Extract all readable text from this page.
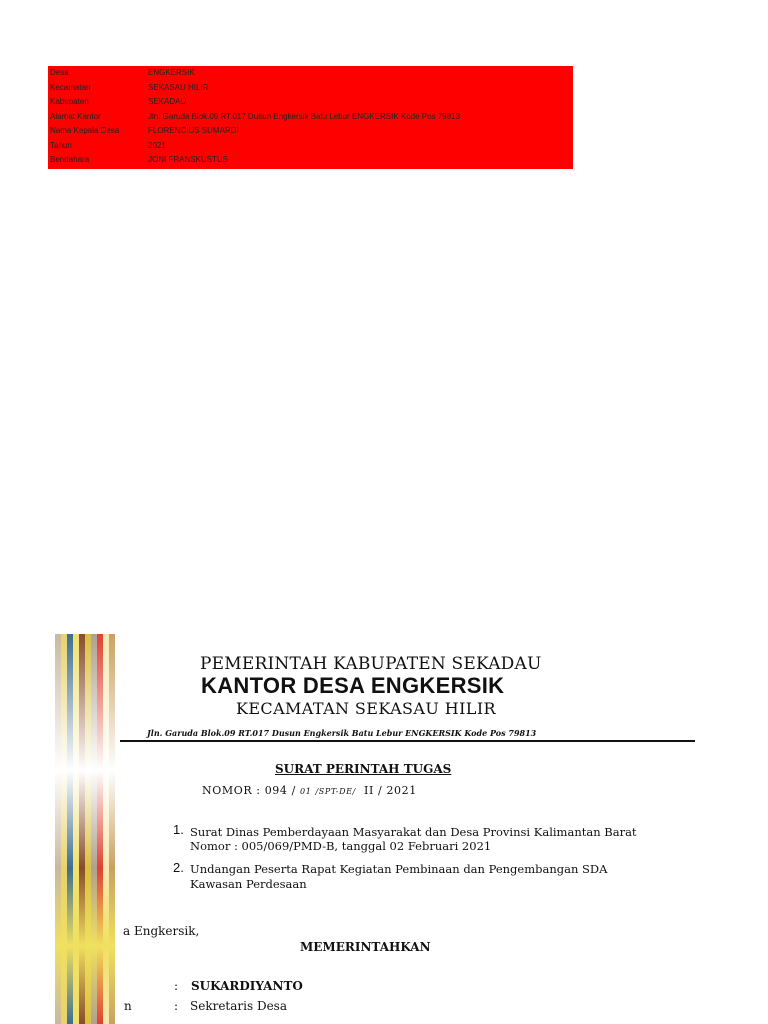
Desa	ENGKERSIK
Kecamatan	SEKASAU HILIR
Kabupaten	SEKADAU
Alamat Kantor	Jln. Garuda Blok.09 RT.017 Dusun Engkersik Batu Lebur ENGKERSIK Kode Pos 79813
Nama Kepala Desa	FLORENCIUS SUMARDI
Tahun	2021
Bendahara	JONI FRANSKUSTUS
PEMERINTAH KABUPATEN SEKADAU
KANTOR DESA ENGKERSIK
KECAMATAN SEKASAU HILIR
Jln. Garuda Blok.09 RT.017 Dusun Engkersik Batu Lebur ENGKERSIK Kode Pos 79813
SURAT PERINTAH TUGAS
NOMOR : 094 / 01 /SPT-DE/ II / 2021
1. Surat Dinas Pemberdayaan Masyarakat dan Desa Provinsi Kalimantan Barat
Nomor : 005/069/PMD-B, tanggal 02 Februari 2021
2. Undangan Peserta Rapat Kegiatan Pembinaan dan Pengembangan SDA
Kawasan Perdesaan
a Engkersik,
MEMERINTAHKAN
: SUKARDIYANTO
n	: Sekretaris Desa
